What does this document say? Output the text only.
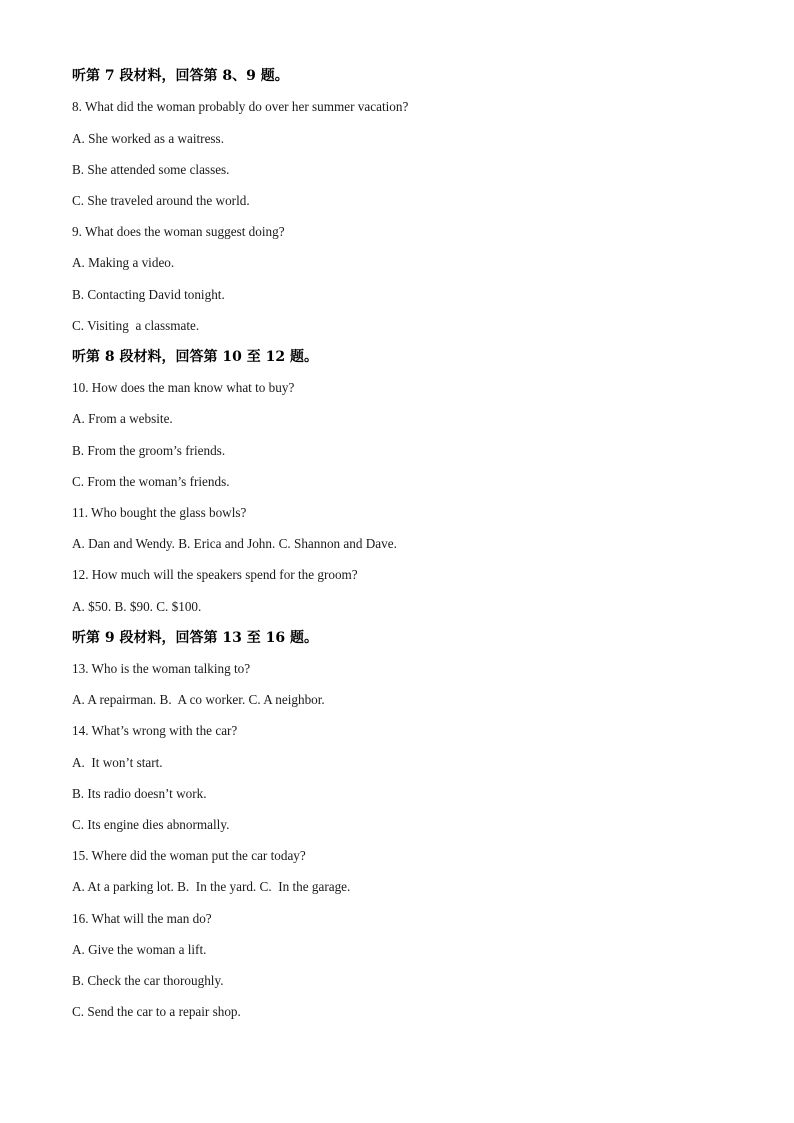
听第 7 段材料，回答第 8、9 题。
8. What did the woman probably do over her summer vacation?
A. She worked as a waitress.
B. She attended some classes.
C. She traveled around the world.
9. What does the woman suggest doing?
A. Making a video.
B. Contacting David tonight.
C. Visiting  a classmate.
听第 8 段材料，回答第 10 至 12 题。
10. How does the man know what to buy?
A. From a website.
B. From the groom’s friends.
C. From the woman’s friends.
11. Who bought the glass bowls?
A. Dan and Wendy. B. Erica and John. C. Shannon and Dave.
12. How much will the speakers spend for the groom?
A. $50. B. $90. C. $100.
听第 9 段材料，回答第 13 至 16 题。
13. Who is the woman talking to?
A. A repairman. B.  A co worker. C. A neighbor.
14. What’s wrong with the car?
A.  It won’t start.
B. Its radio doesn’t work.
C. Its engine dies abnormally.
15. Where did the woman put the car today?
A. At a parking lot. B.  In the yard. C.  In the garage.
16. What will the man do?
A. Give the woman a lift.
B. Check the car thoroughly.
C. Send the car to a repair shop.
